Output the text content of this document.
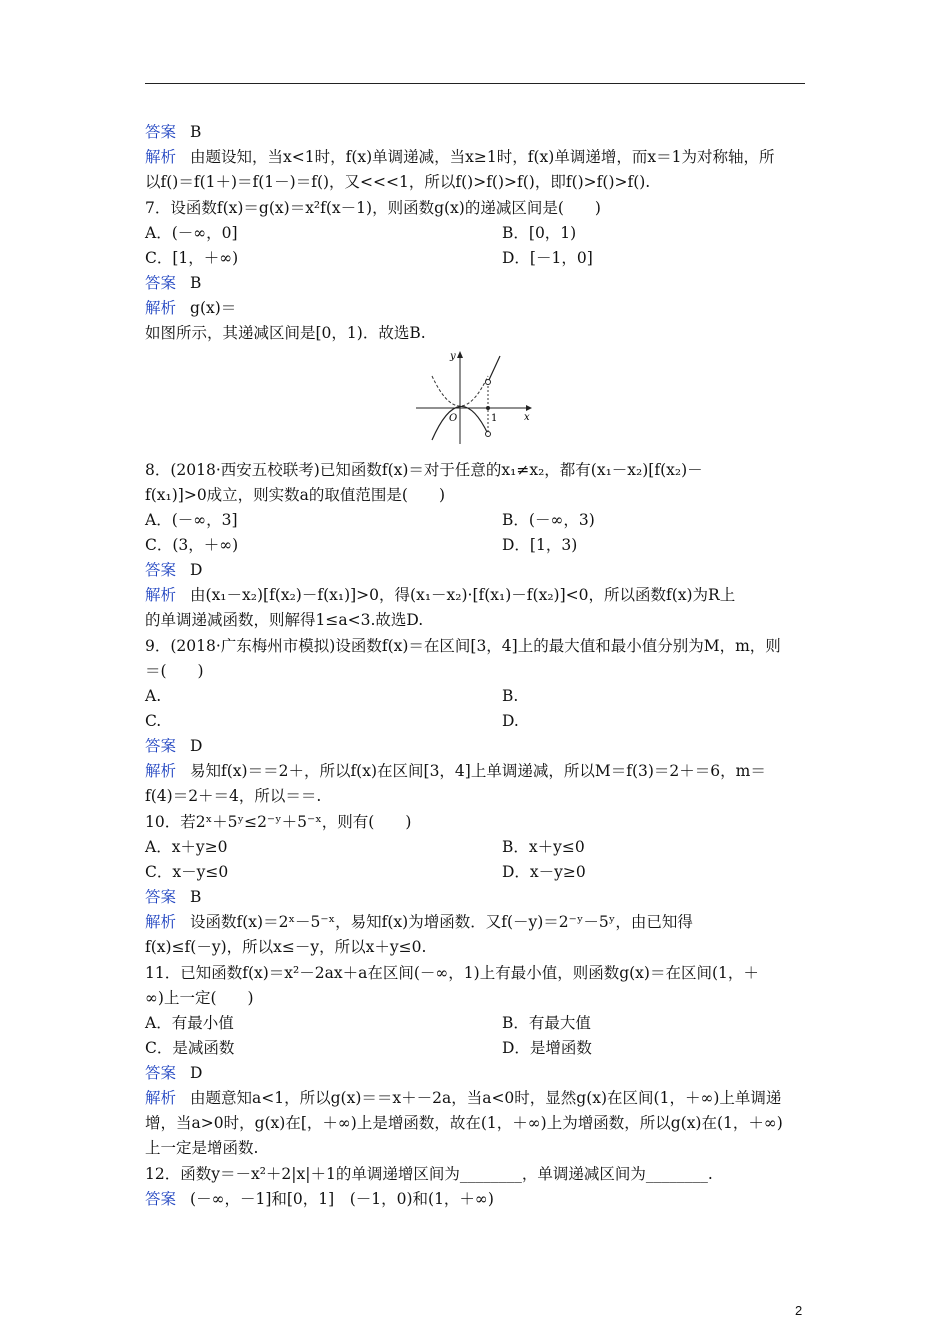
答案 B
解析 由题设知，当x<1时，f(x)单调递减，当x≥1时，f(x)单调递增，而x＝1为对称轴，所
以f()＝f(1＋)＝f(1－)＝f()，又<<<1，所以f()>f()>f()，即f()>f()>f().
7．设函数f(x)＝g(x)＝x²f(x－1)，则函数g(x)的递减区间是(　　)
A．(－∞，0]	B．[0，1)
C．[1，＋∞)	D．[－1，0]
答案 B
解析 g(x)＝
如图所示，其递减区间是[0，1)．故选B.
y
x
O	1
8．(2018·西安五校联考)已知函数f(x)＝对于任意的x₁≠x₂，都有(x₁－x₂)[f(x₂)－
f(x₁)]>0成立，则实数a的取值范围是(　　)
A．(－∞，3]	B．(－∞，3)
C．(3，＋∞)	D．[1，3)
答案 D
解析 由(x₁－x₂)[f(x₂)－f(x₁)]>0，得(x₁－x₂)·[f(x₁)－f(x₂)]<0，所以函数f(x)为R上
的单调递减函数，则解得1≤a<3.故选D.
9．(2018·广东梅州市模拟)设函数f(x)＝在区间[3，4]上的最大值和最小值分别为M，m，则
＝(　　)
A.	B.
C.	D.
答案 D
解析 易知f(x)＝＝2＋，所以f(x)在区间[3，4]上单调递减，所以M＝f(3)＝2＋＝6，m＝
f(4)＝2＋＝4，所以＝＝.
10．若2ˣ＋5ʸ≤2⁻ʸ＋5⁻ˣ，则有(　　)
A．x＋y≥0	B．x＋y≤0
C．x－y≤0	D．x－y≥0
答案 B
解析 设函数f(x)＝2ˣ－5⁻ˣ，易知f(x)为增函数．又f(－y)＝2⁻ʸ－5ʸ，由已知得
f(x)≤f(－y)，所以x≤－y，所以x＋y≤0.
11．已知函数f(x)＝x²－2ax＋a在区间(－∞，1)上有最小值，则函数g(x)＝在区间(1，＋
∞)上一定(　　)
A．有最小值	B．有最大值
C．是减函数	D．是增函数
答案 D
解析 由题意知a<1，所以g(x)＝＝x＋－2a，当a<0时，显然g(x)在区间(1，＋∞)上单调递
增，当a>0时，g(x)在[，＋∞)上是增函数，故在(1，＋∞)上为增函数，所以g(x)在(1，＋∞)
上一定是增函数.
12．函数y＝－x²＋2|x|＋1的单调递增区间为________，单调递减区间为________.
答案 (－∞，－1]和[0，1]　(－1，0)和(1，＋∞)
2
